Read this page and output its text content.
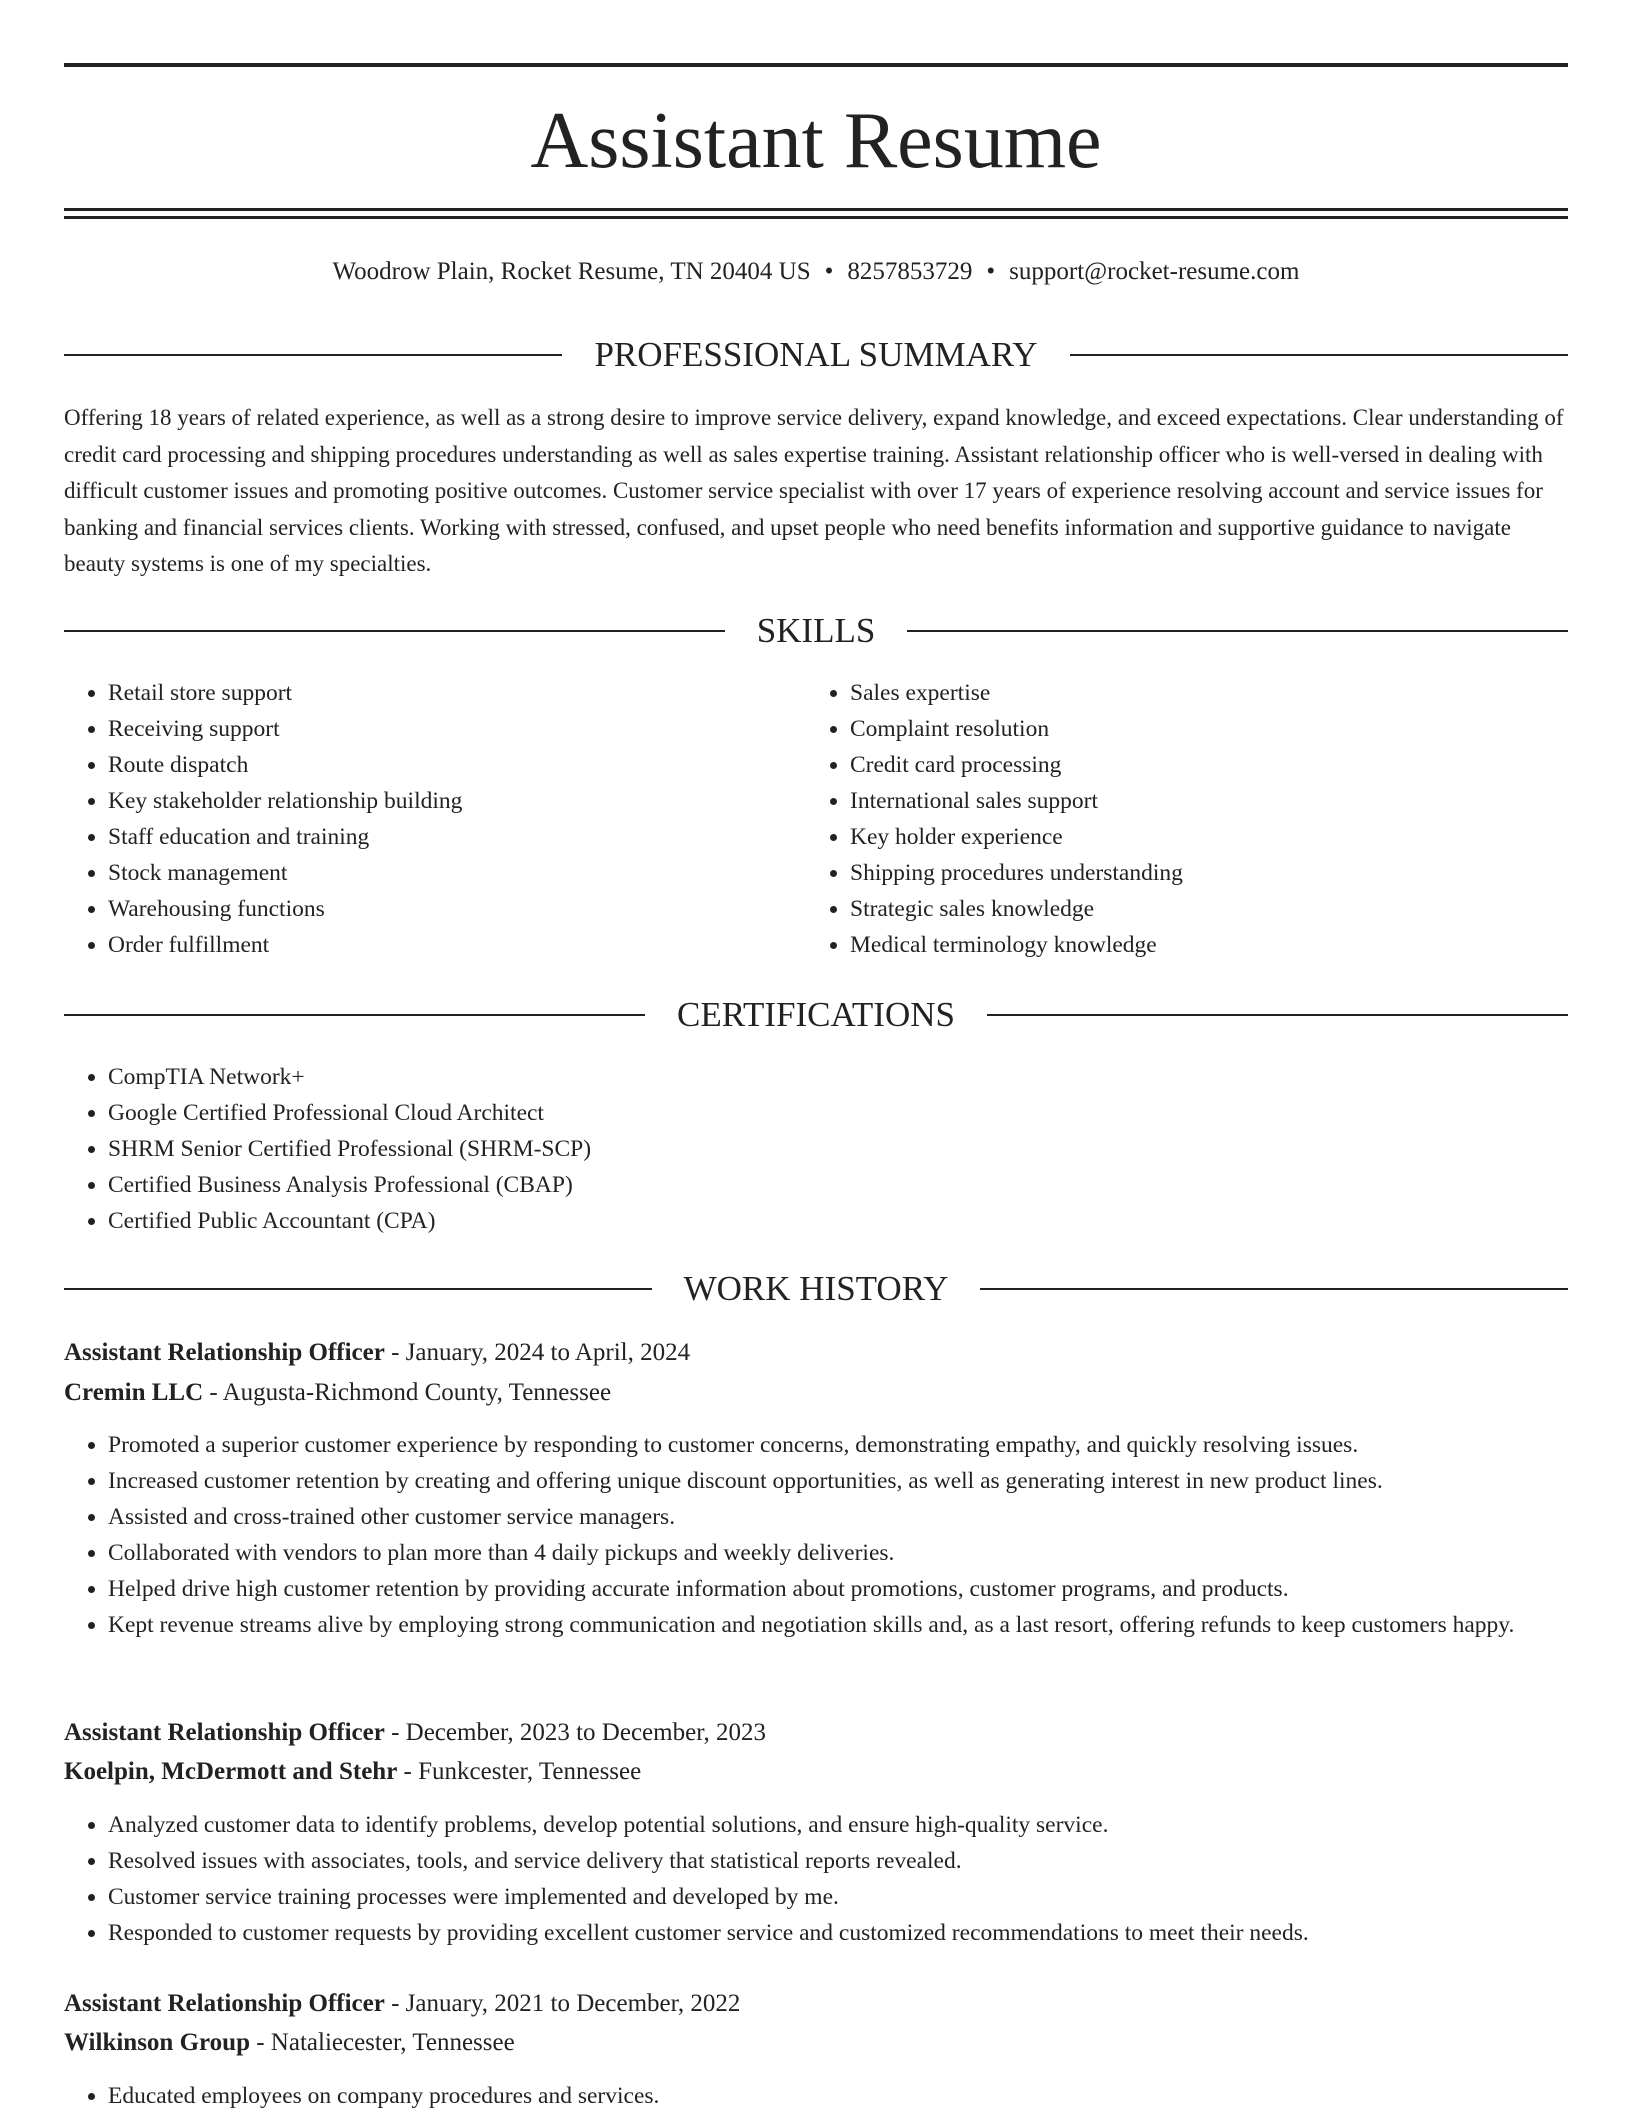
Assistant Resume
Woodrow Plain, Rocket Resume, TN 20404 US • 8257853729 • support@rocket-resume.com
PROFESSIONAL SUMMARY

Offering 18 years of related experience, as well as a strong desire to improve service delivery, expand knowledge, and exceed expectations. Clear understanding of credit card processing and shipping procedures understanding as well as sales expertise training. Assistant relationship officer who is well-versed in dealing with difficult customer issues and promoting positive outcomes. Customer service specialist with over 17 years of experience resolving account and service issues for banking and financial services clients. Working with stressed, confused, and upset people who need benefits information and supportive guidance to navigate beauty systems is one of my specialties.

SKILLS
• Retail store support
• Receiving support
• Route dispatch
• Key stakeholder relationship building
• Staff education and training
• Stock management
• Warehousing functions
• Order fulfillment
• Sales expertise
• Complaint resolution
• Credit card processing
• International sales support
• Key holder experience
• Shipping procedures understanding
• Strategic sales knowledge
• Medical terminology knowledge
CERTIFICATIONS
• CompTIA Network+
• Google Certified Professional Cloud Architect
• SHRM Senior Certified Professional (SHRM-SCP)
• Certified Business Analysis Professional (CBAP)
• Certified Public Accountant (CPA)
WORK HISTORY

Assistant Relationship Officer - January, 2024 to April, 2024

Cremin LLC - Augusta-Richmond County, Tennessee

• Promoted a superior customer experience by responding to customer concerns, demonstrating empathy, and quickly resolving issues.
• Increased customer retention by creating and offering unique discount opportunities, as well as generating interest in new product lines.
• Assisted and cross-trained other customer service managers.
• Collaborated with vendors to plan more than 4 daily pickups and weekly deliveries.
• Helped drive high customer retention by providing accurate information about promotions, customer programs, and products.
• Kept revenue streams alive by employing strong communication and negotiation skills and, as a last resort, offering refunds to keep customers happy.

Assistant Relationship Officer - December, 2023 to December, 2023

Koelpin, McDermott and Stehr - Funkcester, Tennessee

• Analyzed customer data to identify problems, develop potential solutions, and ensure high-quality service.
• Resolved issues with associates, tools, and service delivery that statistical reports revealed.
• Customer service training processes were implemented and developed by me.
• Responded to customer requests by providing excellent customer service and customized recommendations to meet their needs.

Assistant Relationship Officer - January, 2021 to December, 2022

Wilkinson Group - Nataliecester, Tennessee

• Educated employees on company procedures and services.
